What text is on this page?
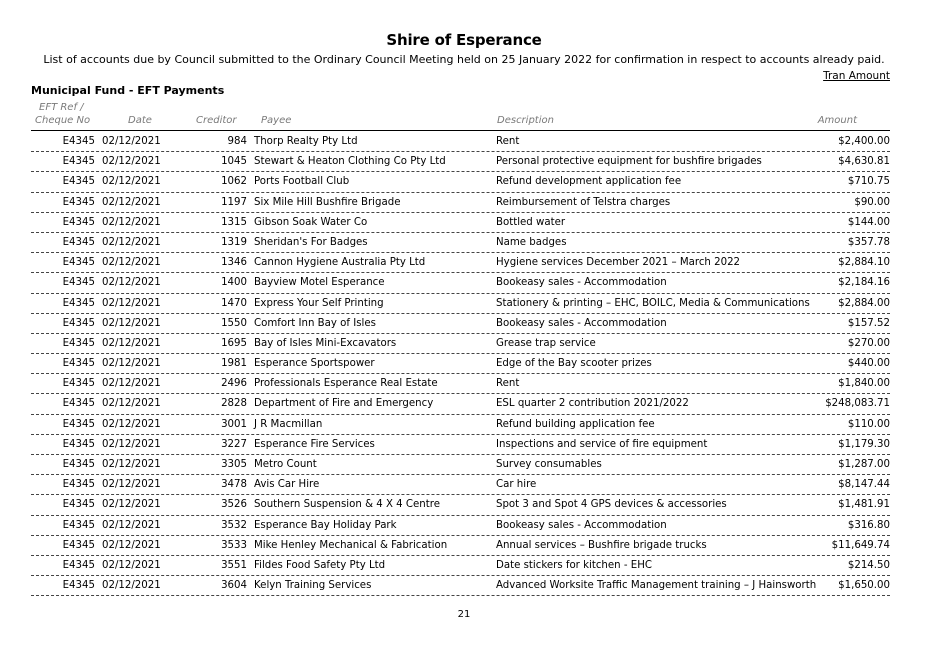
Shire of Esperance
List of accounts due by Council submitted to the Ordinary Council Meeting held on 25 January 2022 for confirmation in respect to accounts already paid.
Tran Amount
Municipal Fund - EFT Payments
EFT Ref /
Cheque No	Date	Creditor Payee	Description	Amount
E4345 02/12/2021	984 Thorp Realty Pty Ltd	Rent	$2,400.00
E4345 02/12/2021	1045 Stewart & Heaton Clothing Co Pty Ltd	Personal protective equipment for bushfire brigades	$4,630.81
E4345 02/12/2021	1062 Ports Football Club	Refund development application fee	$710.75
E4345 02/12/2021	1197 Six Mile Hill Bushfire Brigade	Reimbursement of Telstra charges	$90.00
E4345 02/12/2021	1315 Gibson Soak Water Co	Bottled water	$144.00
E4345 02/12/2021	1319 Sheridan's For Badges	Name badges	$357.78
E4345 02/12/2021	1346 Cannon Hygiene Australia Pty Ltd	Hygiene services December 2021 – March 2022	$2,884.10
E4345 02/12/2021	1400 Bayview Motel Esperance	Bookeasy sales - Accommodation	$2,184.16
E4345 02/12/2021	1470 Express Your Self Printing	Stationery & printing – EHC, BOILC, Media & Communications	$2,884.00
E4345 02/12/2021	1550 Comfort Inn Bay of Isles	Bookeasy sales - Accommodation	$157.52
E4345 02/12/2021	1695 Bay of Isles Mini-Excavators	Grease trap service	$270.00
E4345 02/12/2021	1981 Esperance Sportspower	Edge of the Bay scooter prizes	$440.00
E4345 02/12/2021	2496 Professionals Esperance Real Estate	Rent	$1,840.00
E4345 02/12/2021	2828 Department of Fire and Emergency	ESL quarter 2 contribution 2021/2022	$248,083.71
E4345 02/12/2021	3001 J R Macmillan	Refund building application fee	$110.00
E4345 02/12/2021	3227 Esperance Fire Services	Inspections and service of fire equipment	$1,179.30
E4345 02/12/2021	3305 Metro Count	Survey consumables	$1,287.00
E4345 02/12/2021	3478 Avis Car Hire	Car hire	$8,147.44
E4345 02/12/2021	3526 Southern Suspension & 4 X 4 Centre	Spot 3 and Spot 4 GPS devices & accessories	$1,481.91
E4345 02/12/2021	3532 Esperance Bay Holiday Park	Bookeasy sales - Accommodation	$316.80
E4345 02/12/2021	3533 Mike Henley Mechanical & Fabrication	Annual services – Bushfire brigade trucks	$11,649.74
E4345 02/12/2021	3551 Fildes Food Safety Pty Ltd	Date stickers for kitchen - EHC	$214.50
E4345 02/12/2021	3604 Kelyn Training Services	Advanced Worksite Traffic Management training – J Hainsworth $1,650.00
21
